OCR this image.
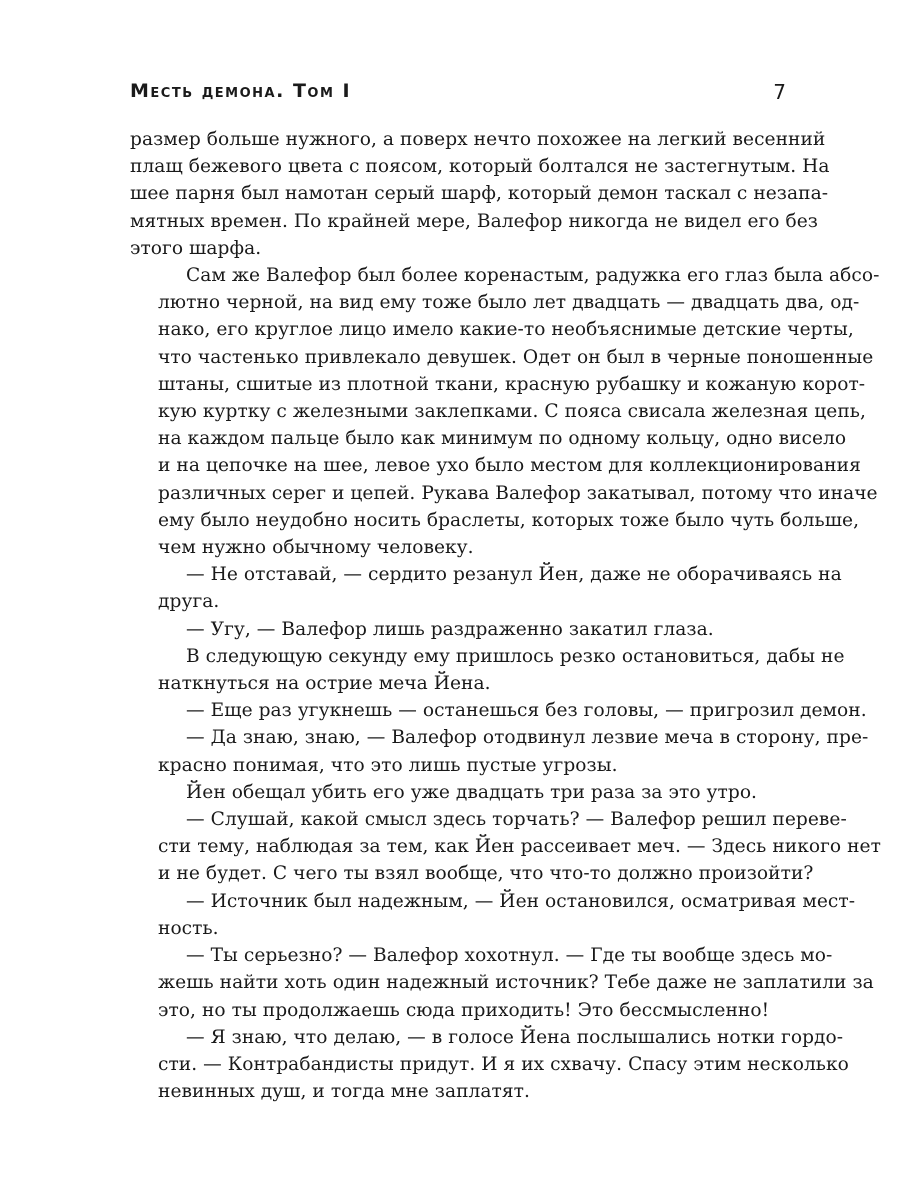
Месть демона. Том I	7
размер больше нужного, а поверх нечто похожее на легкий весенний
плащ бежевого цвета с поясом, который болтался не застегнутым. На
шее парня был намотан серый шарф, который демон таскал с незапа-
мятных времен. По крайней мере, Валефор никогда не видел его без
этого шарфа.
Сам же Валефор был более коренастым, радужка его глаз была абсо-
лютно черной, на вид ему тоже было лет двадцать — двадцать два, од-
нако, его круглое лицо имело какие-то необъяснимые детские черты,
что частенько привлекало девушек. Одет он был в черные поношенные
штаны, сшитые из плотной ткани, красную рубашку и кожаную корот-
кую куртку с железными заклепками. С пояса свисала железная цепь,
на каждом пальце было как минимум по одному кольцу, одно висело
и на цепочке на шее, левое ухо было местом для коллекционирования
различных серег и цепей. Рукава Валефор закатывал, потому что иначе
ему было неудобно носить браслеты, которых тоже было чуть больше,
чем нужно обычному человеку.
— Не отставай, — сердито резанул Йен, даже не оборачиваясь на
друга.
— Угу, — Валефор лишь раздраженно закатил глаза.
В следующую секунду ему пришлось резко остановиться, дабы не
наткнуться на острие меча Йена.
— Еще раз угукнешь — останешься без головы, — пригрозил демон.
— Да знаю, знаю, — Валефор отодвинул лезвие меча в сторону, пре-
красно понимая, что это лишь пустые угрозы.
Йен обещал убить его уже двадцать три раза за это утро.
— Слушай, какой смысл здесь торчать? — Валефор решил переве-
сти тему, наблюдая за тем, как Йен рассеивает меч. — Здесь никого нет
и не будет. С чего ты взял вообще, что что-то должно произойти?
— Источник был надежным, — Йен остановился, осматривая мест-
ность.
— Ты серьезно? — Валефор хохотнул. — Где ты вообще здесь мо-
жешь найти хоть один надежный источник? Тебе даже не заплатили за
это, но ты продолжаешь сюда приходить! Это бессмысленно!
— Я знаю, что делаю, — в голосе Йена послышались нотки гордо-
сти. — Контрабандисты придут. И я их схвачу. Спасу этим несколько
невинных душ, и тогда мне заплатят.
